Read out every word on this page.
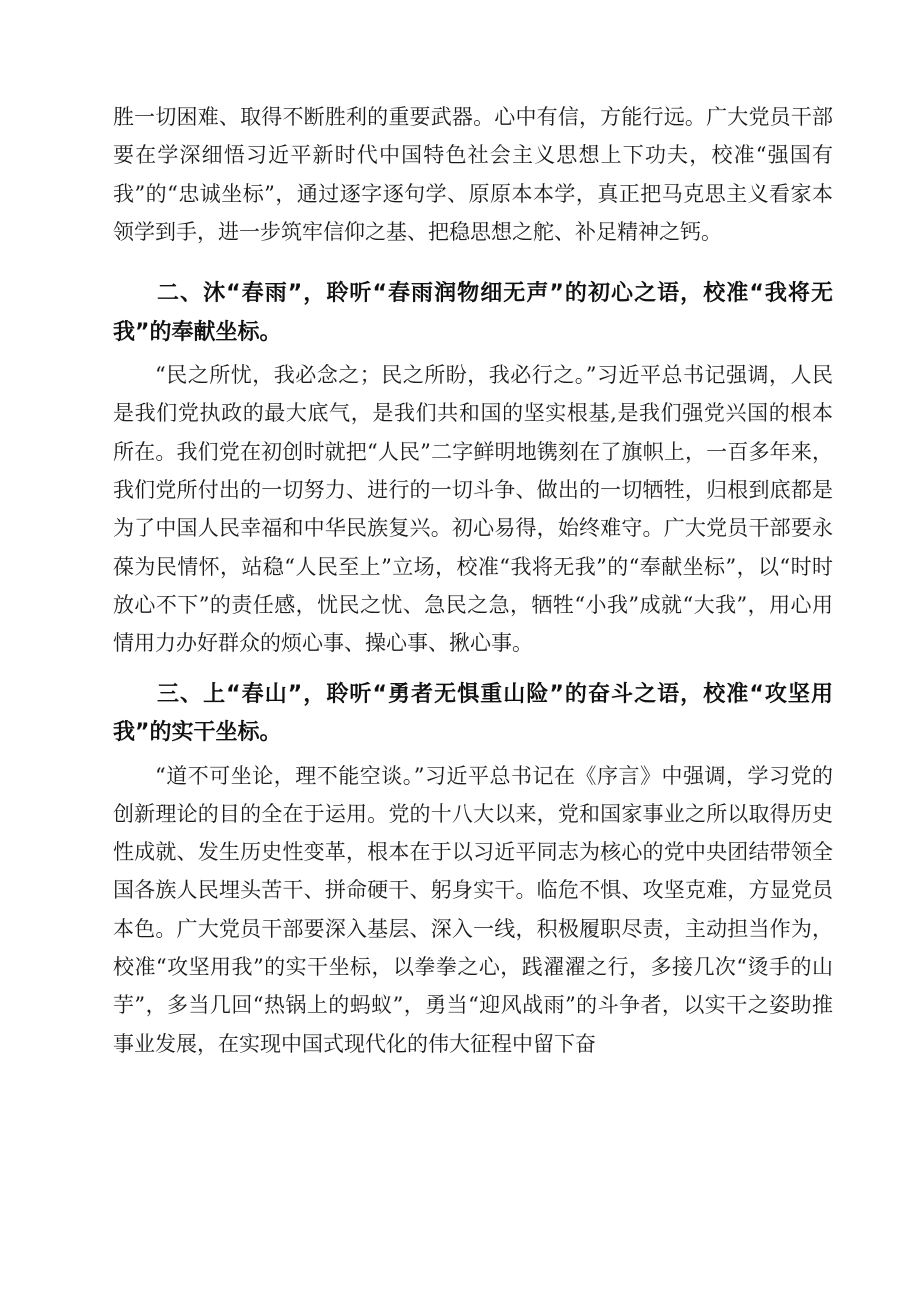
胜一切困难、取得不断胜利的重要武器。心中有信，方能行远。广大党员干部要在学深细悟习近平新时代中国特色社会主义思想上下功夫，校准“强国有我”的“忠诚坐标”，通过逐字逐句学、原原本本学，真正把马克思主义看家本领学到手，进一步筑牢信仰之基、把稳思想之舵、补足精神之钙。

二、沐“春雨”，聆听“春雨润物细无声”的初心之语，校准“我将无我”的奉献坐标。

“民之所忧，我必念之；民之所盼，我必行之。”习近平总书记强调，人民是我们党执政的最大底气，是我们共和国的坚实根基,是我们强党兴国的根本所在。我们党在初创时就把“人民”二字鲜明地镌刻在了旗帜上，一百多年来，我们党所付出的一切努力、进行的一切斗争、做出的一切牺牲，归根到底都是为了中国人民幸福和中华民族复兴。初心易得，始终难守。广大党员干部要永葆为民情怀，站稳“人民至上”立场，校准“我将无我”的“奉献坐标”，以“时时放心不下”的责任感，忧民之忧、急民之急，牺牲“小我”成就“大我”，用心用情用力办好群众的烦心事、操心事、揪心事。

三、上“春山”，聆听“勇者无惧重山险”的奋斗之语，校准“攻坚用我”的实干坐标。

“道不可坐论，理不能空谈。”习近平总书记在《序言》中强调，学习党的创新理论的目的全在于运用。党的十八大以来，党和国家事业之所以取得历史性成就、发生历史性变革，根本在于以习近平同志为核心的党中央团结带领全国各族人民埋头苦干、拼命硬干、躬身实干。临危不惧、攻坚克难，方显党员本色。广大党员干部要深入基层、深入一线，积极履职尽责，主动担当作为，校准“攻坚用我”的实干坐标，以拳拳之心，践濯濯之行，多接几次“烫手的山芋”，多当几回“热锅上的蚂蚁”，勇当“迎风战雨”的斗争者，以实干之姿助推事业发展，在实现中国式现代化的伟大征程中留下奋
